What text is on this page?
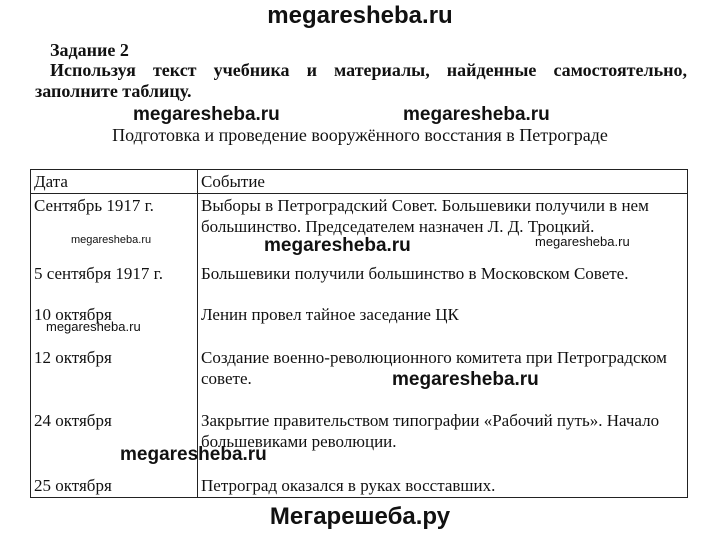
megaresheba.ru
Задание 2
Используя текст учебника и материалы, найденные самостоятельно, заполните таблицу.
megaresheba.ru	megaresheba.ru
Подготовка и проведение вооружённого восстания в Петрограде
Дата	Событие
Сентябрь 1917 г.	Выборы в Петроградский Совет. Большевики получили в нем большинство. Председателем назначен Л. Д. Троцкий.
5 сентября 1917 г.	Большевики получили большинство в Московском Совете.
10 октября	Ленин провел тайное заседание ЦК
12 октября	Создание военно-революционного комитета при Петроградском совете.
24 октября	Закрытие правительством типографии «Рабочий путь». Начало большевиками революции.
25 октября	Петроград оказался в руках восставших.
megaresheba.ru	megaresheba.ru	megaresheba.ru
megaresheba.ru
megaresheba.ru
megaresheba.ru
Мегарешеба.ру
